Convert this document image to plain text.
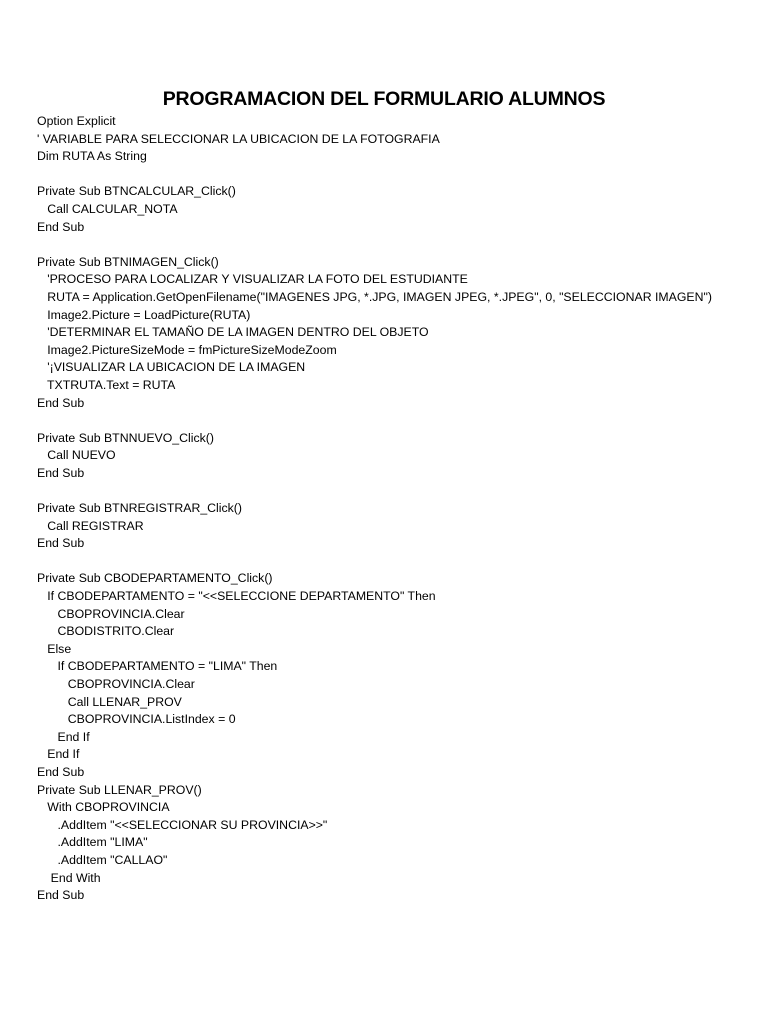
PROGRAMACION DEL FORMULARIO ALUMNOS
Option Explicit
' VARIABLE PARA SELECCIONAR LA UBICACION DE LA FOTOGRAFIA
Dim RUTA As String
Private Sub BTNCALCULAR_Click()
Call CALCULAR_NOTA
End Sub
Private Sub BTNIMAGEN_Click()
'PROCESO PARA LOCALIZAR Y VISUALIZAR LA FOTO DEL ESTUDIANTE
RUTA = Application.GetOpenFilename("IMAGENES JPG, *.JPG, IMAGEN JPEG, *.JPEG", 0, "SELECCIONAR IMAGEN")
Image2.Picture = LoadPicture(RUTA)
'DETERMINAR EL TAMAÑO DE LA IMAGEN DENTRO DEL OBJETO
Image2.PictureSizeMode = fmPictureSizeModeZoom
'¡VISUALIZAR LA UBICACION DE LA IMAGEN
TXTRUTA.Text = RUTA
End Sub
Private Sub BTNNUEVO_Click()
Call NUEVO
End Sub
Private Sub BTNREGISTRAR_Click()
Call REGISTRAR
End Sub
Private Sub CBODEPARTAMENTO_Click()
If CBODEPARTAMENTO = "<<SELECCIONE DEPARTAMENTO" Then
CBOPROVINCIA.Clear
CBODISTRITO.Clear
Else
If CBODEPARTAMENTO = "LIMA" Then
CBOPROVINCIA.Clear
Call LLENAR_PROV
CBOPROVINCIA.ListIndex = 0
End If
End If
End Sub
Private Sub LLENAR_PROV()
With CBOPROVINCIA
.AddItem "<<SELECCIONAR SU PROVINCIA>>"
.AddItem "LIMA"
.AddItem "CALLAO"
End With
End Sub
